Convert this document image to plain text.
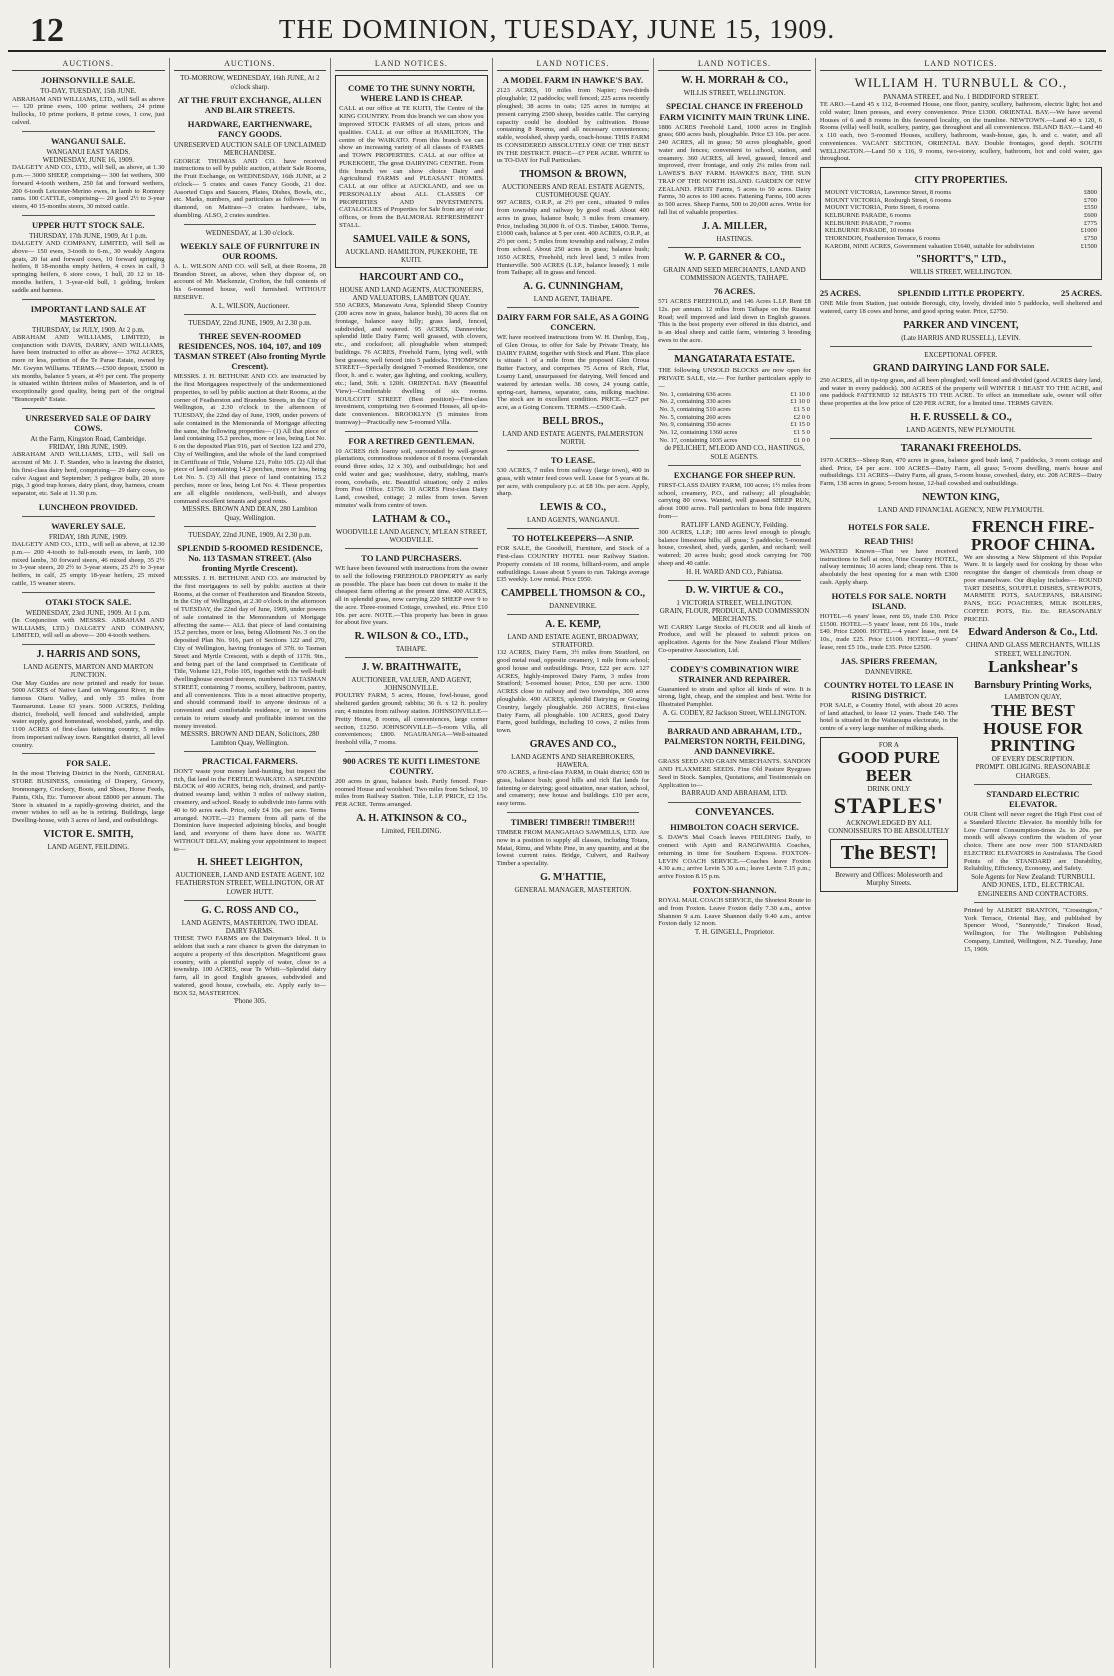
12	THE DOMINION, TUESDAY, JUNE 15, 1909.
AUCTIONS.
JOHNSONVILLE SALE.
TO-DAY, TUESDAY, 15th JUNE.
ABRAHAM AND WILLIAMS, LTD., will Sell as above— 120 prime ewes, 100 prime wethers, 24 prime bullocks, 10 prime porkers, 8 prime cows, 1 cow, just calved.
WANGANUI SALE.
WANGANUI EAST YARDS.
WEDNESDAY, JUNE 16, 1909.
DALGETY AND CO., LTD., will Sell, as above, at 1.30 p.m.— 3000 SHEEP, comprising— 300 fat wethers, 300 forward 4-tooth wethers, 250 fat and forward wethers, 200 6-tooth Leicester-Merino ewes, in lamb to Romney rams. 100 CATTLE, comprising— 20 good 2½ to 3-year steers, 40 15-months steers, 30 mixed cattle.
UPPER HUTT STOCK SALE.
THURSDAY, 17th JUNE, 1909, At 1 p.m.
DALGETY AND COMPANY, LIMITED, will Sell as above— 150 ewes, 3-tooth to 6-m., 30 weakly Angora goats, 20 fat and forward cows, 10 forward springing heifers, 8 18-months empty heifers, 4 cows in calf, 3 springing heifers, 6 store cows, 1 bull, 20 12 to 18-months heifers, 1 3-year-old bull, 1 golding, broken saddle and harness.
IMPORTANT LAND SALE AT MASTERTON.
THURSDAY, 1st JULY, 1909. At 2 p.m.
ABRAHAM AND WILLIAMS, LIMITED, in conjunction with DAVIS, DARRY, AND WILLIAMS, have been instructed to offer as above— 3762 ACRES, more or less, portion of the Te Parae Estate, owned by Mr. Gwynn Williams. TERMS.—£500 deposit, £5000 in six months, balance 5 years, at 4½ per cent. The property is situated within thirteen miles of Masterton, and is of exceptionally good quality, being part of the original "Brancepeth" Estate.
UNRESERVED SALE OF DAIRY COWS.
At the Farm, Kingston Road, Cambridge.
FRIDAY, 18th JUNE, 1909.
ABRAHAM AND WILLIAMS, LTD., will Sell on account of Mr. J. F. Standen, who is leaving the district, his first-class dairy herd, comprising— 29 dairy cows, to calve August and September; 3 pedigree bulls, 20 store pigs, 3 good trap horses, dairy plant, dray, harness, cream separator, etc. Sale at 11.30 p.m.
LUNCHEON PROVIDED.
WAVERLEY SALE.
FRIDAY, 18th JUNE, 1909.
DALGETY AND CO., LTD., will sell as above, at 12.30 p.m.— 200 4-tooth to full-mouth ewes, in lamb, 100 mixed lambs, 30 forward steers, 46 mixed sheep, 35 2½ to 3-year steers, 20 2½ to 3-year steers, 25 2½ to 3-year heifers, in calf, 25 empty 18-year heifers, 25 mixed cattle, 15 weaner steers.
OTAKI STOCK SALE.
WEDNESDAY, 23rd JUNE, 1909. At 1 p.m.
(In Conjunction with MESSRS. ABRAHAM AND WILLIAMS, LTD.) DALGETY AND COMPANY, LIMITED, will sell as above— 200 4-tooth wethers.
J. HARRIS AND SONS,
LAND AGENTS, MARTON AND MARTON JUNCTION.
Our May Guides are now printed and ready for issue. 5000 ACRES of Native Land on Wanganui River, in the famous Otaru Valley, and only 35 miles from Taumarunui. Lease 63 years. 5000 ACRES, Feilding district, freehold, well fenced and subdivided, ample water supply, good homestead, woolshed, yards, and dip. 1100 ACRES of first-class fattening country, 5 miles from important railway town. Rangitikei district, all level country.
FOR SALE.
In the most Thriving District in the North, GENERAL STORE BUSINESS, consisting of Drapery, Grocery, Ironmongery, Crockery, Boots, and Shoes, Horse Feeds, Paints, Oils, Etc. Turnover about £8000 per annum. The Store is situated in a rapidly-growing district, and the owner wishes to sell as he is retiring. Buildings, large Dwelling-house, with 3 acres of land, and outbuildings.
VICTOR E. SMITH,
LAND AGENT, FEILDING.
AUCTIONS.
TO-MORROW, WEDNESDAY, 16th JUNE, At 2 o'clock sharp.
AT THE FRUIT EXCHANGE, ALLEN AND BLAIR STREETS.
HARDWARE, EARTHENWARE, FANCY GOODS.
UNRESERVED AUCTION SALE OF UNCLAIMED MERCHANDISE.
GEORGE THOMAS AND CO. have received instructions to sell by public auction, at their Sale Rooms, the Fruit Exchange, on WEDNESDAY, 16th JUNE, at 2 o'clock— 5 crates and cases Fancy Goods, 21 doz. Assorted Cups and Saucers, Plates, Dishes, Bowls, etc., etc. Marks, numbers, and particulars as follows— W in diamond, on Mattrass—3 crates hardware, tabs, shambling. ALSO, 2 crates sundries.
WEDNESDAY, at 1.30 o'clock.
WEEKLY SALE OF FURNITURE IN OUR ROOMS.
A. L. WILSON AND CO. will Sell, at their Rooms, 28 Brandon Street, as above, when they dispose of, on account of Mr. Mackenzie, Crofton, the full contents of his 6-roomed house, well furnished. WITHOUT RESERVE.
A. L. WILSON, Auctioneer.
TUESDAY, 22nd JUNE, 1909, At 2.30 p.m.
THREE SEVEN-ROOMED RESIDENCES, NOS. 104, 107, and 109 TASMAN STREET (Also fronting Myrtle Crescent).
MESSRS. J. H. BETHUNE AND CO. are instructed by the first Mortgagees respectively of the undermentioned properties, to sell by public auction at their Rooms, at the corner of Featherston and Brandon Streets, in the City of Wellington, at 2.30 o'clock in the afternoon of TUESDAY, the 22nd day of June, 1909, under powers of sale contained in the Memoranda of Mortgage affecting the same, the following properties— (1) All that piece of land containing 15.2 perches, more or less, being Lot No. 6 on the deposited Plan 916, part of Section 122 and 270, City of Wellington, and the whole of the land comprised in Certificate of Title, Volume 121, Folio 105. (2) All that piece of land containing 14.2 perches, more or less, being Lot No. 5. (3) All that piece of land containing 15.2 perches, more or less, being Lot No. 4. These properties are all eligible residences, well-built, and always command excellent tenants and good rents.
MESSRS. BROWN AND DEAN, 280 Lambton Quay, Wellington.
TUESDAY, 22nd JUNE, 1909, At 2.30 p.m.
SPLENDID 5-ROOMED RESIDENCE, No. 113 TASMAN STREET. (Also fronting Myrtle Crescent).
MESSRS. J. H. BETHUNE AND CO. are instructed by the first mortgagees to sell by public auction at their Rooms, at the corner of Featherston and Brandon Streets, in the City of Wellington, at 2.30 o'clock in the afternoon of TUESDAY, the 22nd day of June, 1909, under powers of sale contained in the Memorandum of Mortgage affecting the same— ALL that piece of land containing 15.2 perches, more or less, being Allotment No. 3 on the deposited Plan No. 916, part of Sections 122 and 270, City of Wellington, having frontages of 37ft. to Tasman Street and Myrtle Crescent, with a depth of 117ft. 9in., and being part of the land comprised in Certificate of Title, Volume 121, Folio 105, together with the well-built dwellinghouse erected thereon, numbered 113 TASMAN STREET, containing 7 rooms, scullery, bathroom, pantry, and all conveniences. This is a most attractive property, and should command itself to anyone desirous of a convenient and comfortable residence, or to investors certain to return steady and profitable interest on the money invested.
MESSRS. BROWN AND DEAN, Solicitors, 280 Lambton Quay, Wellington.
PRACTICAL FARMERS.
DON'T waste your money land-hunting, but inspect the rich, flat land in the FERTILE WAIKATO. A SPLENDID BLOCK of 400 ACRES, being rich, drained, and partly-drained swamp land; within 3 miles of railway station, creamery, and school. Ready to subdivide into farms with 40 to 60 acres each. Price, only £4 10s. per acre. Terms arranged. NOTE.—21 Farmers from all parts of the Dominion have inspected adjoining blocks, and bought land, and everyone of them have done so. WAITE WITHOUT DELAY, making your appointment to inspect to—
H. SHEET LEIGHTON,
AUCTIONEER, LAND AND ESTATE AGENT, 102 FEATHERSTON STREET, WELLINGTON, OR AT LOWER HUTT.
G. C. ROSS AND CO.,
LAND AGENTS, MASTERTON. TWO IDEAL DAIRY FARMS.
THESE TWO FARMS are the Dairyman's Ideal. It is seldom that such a rare chance is given the dairyman to acquire a property of this description. Magnificent grass country, with a plentiful supply of water, close to a township. 100 ACRES, near Te Whiti—Splendid dairy farm, all in good English grasses, subdivided and watered, good house, cowbails, etc. Apply early to— BOX 52, MASTERTON.
'Phone 305.
LAND NOTICES.
COME TO THE SUNNY NORTH, WHERE LAND IS CHEAP.
CALL at our office at TE KUITI, The Centre of the KING COUNTRY. From this branch we can show you improved STOCK FARMS of all sizes, prices and qualities. CALL at our office at HAMILTON, The centre of the WAIKATO. From this branch we can show an increasing variety of all classes of FARMS and TOWN PROPERTIES. CALL at our office at PUKEKOHE, The great DAIRYING CENTRE. From this branch we can show choice Dairy and Agricultural FARMS and PLEASANT HOMES. CALL at our office at AUCKLAND, and see us PERSONALLY about ALL CLASSES OF PROPERTIES AND INVESTMENTS. CATALOGUES of Properties for Sale from any of our offices, or from the BALMORAL REFRESHMENT STALL.
SAMUEL VAILE & SONS,
AUCKLAND. HAMILTON, PUKEKOHE, TE KUITI.
HARCOURT AND CO.,
HOUSE AND LAND AGENTS, AUCTIONEERS, AND VALUATORS, LAMBTON QUAY.
550 ACRES, Manawatu Area, Splendid Sheep Country (200 acres now in grass, balance bush), 30 acres flat on frontage, balance easy hilly; grass land, fenced, subdivided, and watered. 95 ACRES, Dannevirke; splendid little Dairy Farm; well grassed, with clovers, etc., and cocksfoot; all ploughable when stumped; buildings. 76 ACRES, Freehold Farm, lying well, with best grasses; well fenced into 5 paddocks. THOMPSON STREET—Specially designed 7-roomed Residence, one floor, h. and c. water, gas lighting, and cooking, scullery, etc.; land, 36ft. x 120ft. ORIENTAL BAY (Beautiful View)—Comfortable dwelling of six rooms. BOULCOTT STREET (Best position)—First-class investment, comprising two 6-roomed Houses, all up-to-date conveniences. BROOKLYN (5 minutes from tramway)—Practically new 5-roomed Villa.
FOR A RETIRED GENTLEMAN.
10 ACRES rich loamy soil, surrounded by well-grown plantations, commodious residence of 8 rooms (verandah round three sides, 12 x 30), and outbuildings; hot and cold water and gas; washhouse, dairy, stabling, man's room, cowbails, etc. Beautiful situation; only 2 miles from Post Office. £1750. 10 ACRES First-class Dairy Land, cowshed, cottage; 2 miles from town. Seven minutes' walk from centre of town.
LATHAM & CO.,
WOODVILLE LAND AGENCY, M'LEAN STREET, WOODVILLE.
TO LAND PURCHASERS.
WE have been favoured with instructions from the owner to sell the following FREEHOLD PROPERTY as early as possible. The place has been cut down to make it the cheapest farm offering at the present time. 400 ACRES, all in splendid grass, now carrying 220 SHEEP over 9 to the acre. Three-roomed Cottage, cowshed, etc. Price £10 10s. per acre. NOTE.—This property has been in grass for about five years.
R. WILSON & CO., LTD.,
TAIHAPE.
J. W. BRAITHWAITE,
AUCTIONEER, VALUER, AND AGENT, JOHNSONVILLE.
POULTRY FARM, 5 acres, House, fowl-house, good sheltered garden ground; rabbits; 36 ft. x 12 ft. poultry run; 4 minutes from railway station. JOHNSONVILLE—Pretty Home, 8 rooms, all conveniences, large corner section, £1250. JOHNSONVILLE—5-room Villa, all conveniences; £800. NGAURANGA—Well-situated freehold villa, 7 rooms.
900 ACRES TE KUITI LIMESTONE COUNTRY.
200 acres in grass, balance bush. Partly fenced. Four-roomed House and woolshed. Two miles from School, 10 miles from Railway Station. Title, L.I.P. PRICE, £2 15s. PER ACRE. Terms arranged.
A. H. ATKINSON & CO.,
Limited, FEILDING.
LAND NOTICES.
A MODEL FARM IN HAWKE'S BAY.
2123 ACRES, 10 miles from Napier; two-thirds ploughable; 12 paddocks; well fenced; 225 acres recently ploughed; 38 acres in oats; 125 acres in turnips; at present carrying 2500 sheep, besides cattle. The carrying capacity could be doubled by cultivation. House containing 8 Rooms, and all necessary conveniences; stable, woolshed, sheep yards, coach-house. THIS FARM IS CONSIDERED ABSOLUTELY ONE OF THE BEST IN THE DISTRICT. PRICE—£7 PER ACRE. WRITE to us TO-DAY for Full Particulars.
THOMSON & BROWN,
AUCTIONEERS AND REAL ESTATE AGENTS, CUSTOMHOUSE QUAY.
997 ACRES, O.R.P., at 2½ per cent., situated 9 miles from township and railway by good road. About 400 acres in grass, balance bush; 3 miles from creamery. Price, including 30,000 ft. of O.S. Timber, £4000. Terms, £1000 cash, balance at 5 per cent. 400 ACRES, O.R.P., at 2½ per cent.; 5 miles from township and railway, 2 miles from school. About 250 acres in grass; balance bush; 1650 ACRES, Freehold, rich level land, 3 miles from Hunterville. 500 ACRES (L.I.P., balance leased); 1 mile from Taihape; all in grass and fenced.
A. G. CUNNINGHAM,
LAND AGENT, TAIHAPE.
DAIRY FARM FOR SALE, AS A GOING CONCERN.
WE have received instructions from W. H. Dunlop, Esq., of Glen Oroua, to offer for Sale by Private Treaty, his DAIRY FARM, together with Stock and Plant. This place is situate 1 of a mile from the proposed Glen Oroua Butter Factory, and comprises 75 Acres of Rich, Flat, Loamy Land, unsurpassed for dairying. Well fenced and watered by artesian wells. 38 cows, 24 young cattle, spring-cart, harness, separator, cans, milking machine. The stock are in excellent condition. PRICE.—£27 per acre, as a Going Concern. TERMS.—£500 Cash.
BELL BROS.,
LAND AND ESTATE AGENTS, PALMERSTON NORTH.
TO LEASE.
530 ACRES, 7 miles from railway (large town), 400 in grass, with winter feed cows well. Lease for 5 years at 8s. per acre, with compulsory p.c. at £8 10s. per acre. Apply, sharp.
LEWIS & CO.,
LAND AGENTS, WANGANUI.
TO HOTELKEEPERS—A SNIP.
FOR SALE, the Goodwill, Furniture, and Stock of a First-class COUNTRY HOTEL near Railway Station. Property consists of 18 rooms, billiard-room, and ample outbuildings. Lease about 5 years to run. Takings average £35 weekly. Low rental. Price £950.
CAMPBELL THOMSON & CO.,
DANNEVIRKE.
A. E. KEMP,
LAND AND ESTATE AGENT, BROADWAY, STRATFORD.
132 ACRES, Dairy Farm, 3½ miles from Stratford, on good metal road, opposite creamery, 1 mile from school; good house and outbuildings. Price, £22 per acre. 127 ACRES, highly-improved Dairy Farm, 3 miles from Stratford; 5-roomed house; Price, £30 per acre. 1300 ACRES close to railway and two townships, 300 acres ploughable. 490 ACRES, splendid Dairying or Grazing Country, largely ploughable. 260 ACRES, first-class Dairy Farm, all ploughable. 100 ACRES, good Dairy Farm, good buildings, including 10 cows, 2 miles from town.
GRAVES AND CO.,
LAND AGENTS AND SHAREBROKERS, HAWERA.
970 ACRES, a first-class FARM, in Otaki district; 630 in grass, balance bush; good hills and rich flat lands for fattening or dairying; good situation, near station, school, and creamery; new house and buildings. £10 per acre, easy terms.
TIMBER! TIMBER!! TIMBER!!!
TIMBER FROM MANGAHAO SAWMILLS, LTD. Are now in a position to supply all classes, including Totara, Matai, Rimu, and White Pine, in any quantity, and at the lowest current rates. Bridge, Culvert, and Railway Timber a speciality.
G. M'HATTIE,
GENERAL MANAGER, MASTERTON.
LAND NOTICES.
W. H. MORRAH & CO.,
WILLIS STREET, WELLINGTON.
SPECIAL CHANCE IN FREEHOLD FARM VICINITY MAIN TRUNK LINE.
1886 ACRES Freehold Land, 1000 acres in English grass; 600 acres bush, ploughable. Price £3 10s. per acre. 240 ACRES, all in grass; 50 acres ploughable, good water and fences; convenient to school, station, and creamery. 360 ACRES, all level, grassed, fenced and improved, river frontage, and only 2¼ miles from rail. LAWES'S BAY FARM. HAWKE'S BAY, THE SUN TRAP OF THE NORTH ISLAND. GARDEN OF NEW ZEALAND. FRUIT Farms, 5 acres to 50 acres. Dairy Farms, 30 acres to 100 acres. Fattening Farms, 100 acres to 500 acres. Sheep Farms, 500 to 20,000 acres. Write for full list of valuable properties.
J. A. MILLER,
HASTINGS.
W. P. GARNER & CO.,
GRAIN AND SEED MERCHANTS, LAND AND COMMISSION AGENTS, TAIHAPE.
76 ACRES.
571 ACRES FREEHOLD, and 146 Acres L.I.P. Rent £8 12s. per annum. 12 miles from Taihape on the Ruanui Road; well improved and laid down in English grasses. This is the best property ever offered in this district, and is an ideal sheep and cattle farm, wintering 3 breeding ewes to the acre.
MANGATARATA ESTATE.
THE following UNSOLD BLOCKS are now open for PRIVATE SALE, viz.— For further particulars apply to—
No. 1, containing 636 acres	£1 10 0
No. 2, containing 330 acres	£1 10 0
No. 3, containing 510 acres	£1 5 0
No. 5, containing 260 acres	£2 0 0
No. 9, containing 350 acres	£1 15 0
No. 12, containing 1360 acres	£1 5 0
No. 17, containing 1035 acres	£1 0 0
de PELICHET, M'LEOD AND CO., HASTINGS, SOLE AGENTS.
EXCHANGE FOR SHEEP RUN.
FIRST-CLASS DAIRY FARM, 100 acres; 1½ miles from school, creamery, P.O., and railway; all ploughable; carrying 80 cows. Wanted, well grassed SHEEP RUN, about 1000 acres. Full particulars to bona fide inquirers from—
RATLIFF LAND AGENCY, Feilding.
300 ACRES, L.I.P.; 180 acres level enough to plough; balance limestone hills; all grass; 5 paddocks; 5-roomed house, cowshed, shed, yards, garden, and orchard; well watered; 20 acres bush; good stock carrying for 700 sheep and 40 cattle.
H. H. WARD AND CO., Pahiatua.
D. W. VIRTUE & CO.,
1 VICTORIA STREET, WELLINGTON.
GRAIN, FLOUR, PRODUCE, AND COMMISSION MERCHANTS.
WE CARRY Large Stocks of FLOUR and all kinds of Produce, and will be pleased to submit prices on application. Agents for the New Zealand Flour Millers' Co-operative Association, Ltd.
CODEY'S COMBINATION WIRE STRAINER AND REPAIRER.
Guaranteed to strain and splice all kinds of wire. It is strong, light, cheap, and the simplest and best. Write for Illustrated Pamphlet.
A. G. CODEY, 82 Jackson Street, WELLINGTON.
BARRAUD AND ABRAHAM, LTD., PALMERSTON NORTH, FEILDING, AND DANNEVIRKE.
GRASS SEED AND GRAIN MERCHANTS. SANDON AND FLAXMERE SEEDS. Fine Old Pasture Ryegrass Seed in Stock. Samples, Quotations, and Testimonials on Application to—
BARRAUD AND ABRAHAM, LTD.
CONVEYANCES.
HIMBOLTON COACH SERVICE.
S. DAW'S Mail Coach leaves FEILDING Daily, to connect with Apiti and RANGIWAHIA Coaches, returning in time for Southern Express. FOXTON-LEVIN COACH SERVICE.—Coaches leave Foxton 4.30 a.m.; arrive Levin 5.30 a.m.; leave Levin 7.15 p.m.; arrive Foxton 8.15 p.m.
FOXTON-SHANNON.
ROYAL MAIL COACH SERVICE, the Shortest Route to and from Foxton. Leave Foxton daily 7.30 a.m., arrive Shannon 9 a.m. Leave Shannon daily 9.40 a.m., arrive Foxton daily 12 noon.
T. H. GINGELL, Proprietor.
LAND NOTICES.
WILLIAM H. TURNBULL & CO.,
PANAMA STREET, and No. 1 BIDDIFORD STREET.
TE ARO.—Land 45 x 112, 8-roomed House, one floor, pantry, scullery, bathroom, electric light; hot and cold water; linen presses, and every convenience. Price £1300. ORIENTAL BAY.—We have several Houses of 6 and 8 rooms in this favoured locality, on the tramline. NEWTOWN.—Land 40 x 120, 6 Rooms (villa) well built, scullery, pantry, gas throughout and all conveniences. ISLAND BAY.—Land 40 x 110 each, two 5-roomed Houses, scullery, bathroom, wash-house, gas, h. and c. water, and all conveniences. VACANT SECTION, ORIENTAL BAY. Double frontages, good depth. SOUTH WELLINGTON.—Land 50 x 116, 9 rooms, two-storey, scullery, bathroom, hot and cold water, gas throughout.
CITY PROPERTIES.
MOUNT VICTORIA, Lawrence Street, 8 rooms	£800
MOUNT VICTORIA, Roxburgh Street, 6 rooms	£700
MOUNT VICTORIA, Porto Street, 6 rooms	£550
KELBURNE PARADE, 6 rooms	£600
KELBURNE PARADE, 7 rooms	£775
KELBURNE PARADE, 10 rooms	£1000
THORNDON, Featherston Terrace, 6 rooms	£750
KAROBI, NINE ACRES, Government valuation £1640, suitable for subdivision	£1500
"SHORTT'S," LTD.,
WILLIS STREET, WELLINGTON.
25 ACRES.	SPLENDID LITTLE PROPERTY.	25 ACRES.
ONE Mile from Station, just outside Borough, city, lovely, divided into 5 paddocks, well sheltered and watered, carry 18 cows and horse, and good spring water. Price, £2750.
PARKER AND VINCENT,
(Late HARRIS AND RUSSELL), LEVIN.
EXCEPTIONAL OFFER.
GRAND DAIRYING LAND FOR SALE.
250 ACRES, all in tip-top grass, and all been ploughed; well fenced and divided (good ACRES dairy land, and water in every paddock). 300 ACRES of the property will WINTER 1 BEAST TO THE ACRE, and one paddock FATTENED 12 BEASTS TO THE ACRE. To effect an immediate sale, owner will offer these properties at the low price of £20 PER ACRE, for a limited time. TERMS GIVEN.
H. F. RUSSELL & CO.,
LAND AGENTS, NEW PLYMOUTH.
TARANAKI FREEHOLDS.
1970 ACRES—Sheep Run, 470 acres in grass, balance good bush land, 7 paddocks, 3 room cottage and shed. Price, £4 per acre. 100 ACRES—Dairy Farm, all grass; 5-room dwelling, man's house and outbuildings. 131 ACRES—Dairy Farm, all grass, 5-room house, cowshed, dairy, etc. 208 ACRES—Dairy Farm, 138 acres in grass; 5-room house, 12-bail cowshed and outbuildings.
NEWTON KING,
LAND AND FINANCIAL AGENCY, NEW PLYMOUTH.
HOTELS FOR SALE.
READ THIS!
WANTED Known—That we have received instructions to Sell at once, Nine Country HOTEL, railway terminus; 10 acres land; cheap rent. This is absolutely the best opening for a man with £300 cash. Apply sharp.
HOTELS FOR SALE. NORTH ISLAND.
HOTEL—6 years' lease, rent £6, trade £30. Price £1500. HOTEL—5 years' lease, rent £6 10s., trade £40. Price £2000. HOTEL—4 years' lease, rent £4 10s., trade £25. Price £1100. HOTEL—9 years' lease, rent £5 10s., trade £35. Price £2500.
JAS. SPIERS FREEMAN,
DANNEVIRKE.
COUNTRY HOTEL TO LEASE IN RISING DISTRICT.
FOR SALE, a Country Hotel, with about 20 acres of land attached, to lease 12 years. Trade £40. The hotel is situated in the Waitaraupa electorate, in the centre of a very large number of milking sheds.
FOR A
GOOD PURE BEER
DRINK ONLY
STAPLES'
ACKNOWLEDGED BY ALL CONNOISSEURS TO BE ABSOLUTELY
The BEST!
Brewery and Offices: Molesworth and Murphy Streets.
FRENCH FIRE-PROOF CHINA.
We are showing a New Shipment of this Popular Ware. It is largely used for cooking by those who recognise the danger of chemicals from cheap or poor enamelware. Our display includes— ROUND TART DISHES, SOUFFLE DISHES, STEWPOTS, MARMITE POTS, SAUCEPANS, BRAISING PANS, EGG POACHERS, MILK BOILERS, COFFEE POTS, Etc. Etc. REASONABLY PRICED.
Edward Anderson & Co., Ltd.
CHINA AND GLASS MERCHANTS, WILLIS STREET, WELLINGTON.
Lankshear's
Barnsbury Printing Works,
LAMBTON QUAY,
THE BEST HOUSE FOR PRINTING
OF EVERY DESCRIPTION.
PROMPT. OBLIGING. REASONABLE CHARGES.
STANDARD ELECTRIC ELEVATOR.
OUR Client will never regret the High First cost of a Standard Electric Elevator. Its monthly bills for Low Current Consumption-times 2s. to 20s. per month will always confirm the wisdom of your choice. There are now over 500 STANDARD ELECTRIC ELEVATORS in Australasia. The Good Points of the STANDARD are Durability, Reliability, Efficiency, Economy, and Safety.
Sole Agents for New Zealand: TURNBULL AND JONES, LTD., ELECTRICAL ENGINEERS AND CONTRACTORS.
Printed by ALBERT BRANTON, "Crossington," York Terrace, Oriental Bay, and published by Spencer Wood, "Sunnyside," Tinakori Road, Wellington, for The Wellington Publishing Company, Limited, Wellington, N.Z. Tuesday, June 15, 1909.
